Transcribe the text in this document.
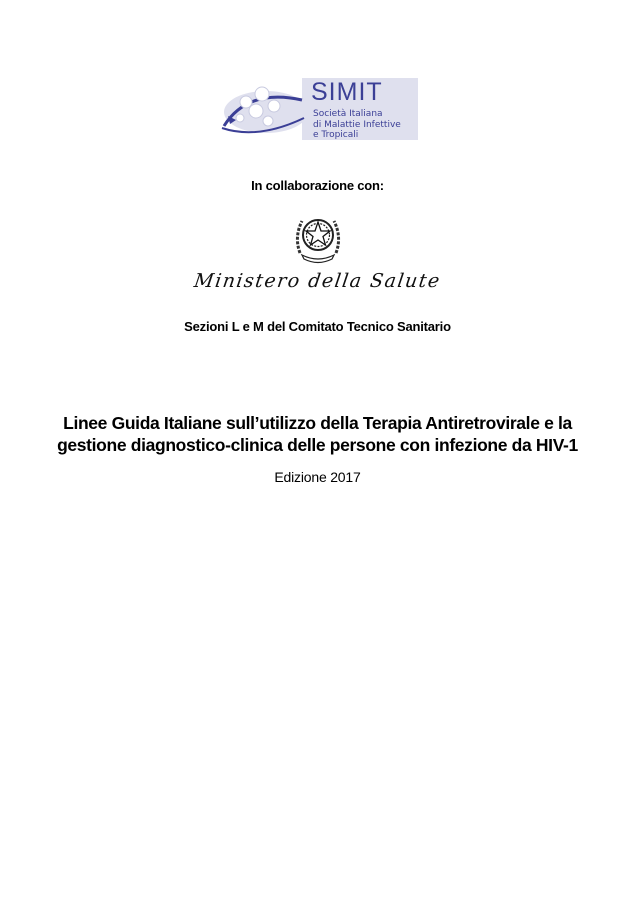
SIMIT
Società Italiana
di Malattie Infettive
e Tropicali
In collaborazione con:
Ministero della Salute
Sezioni L e M del Comitato Tecnico Sanitario
Linee Guida Italiane sull’utilizzo della Terapia Antiretrovirale e la
gestione diagnostico-clinica delle persone con infezione da HIV-1
Edizione 2017
